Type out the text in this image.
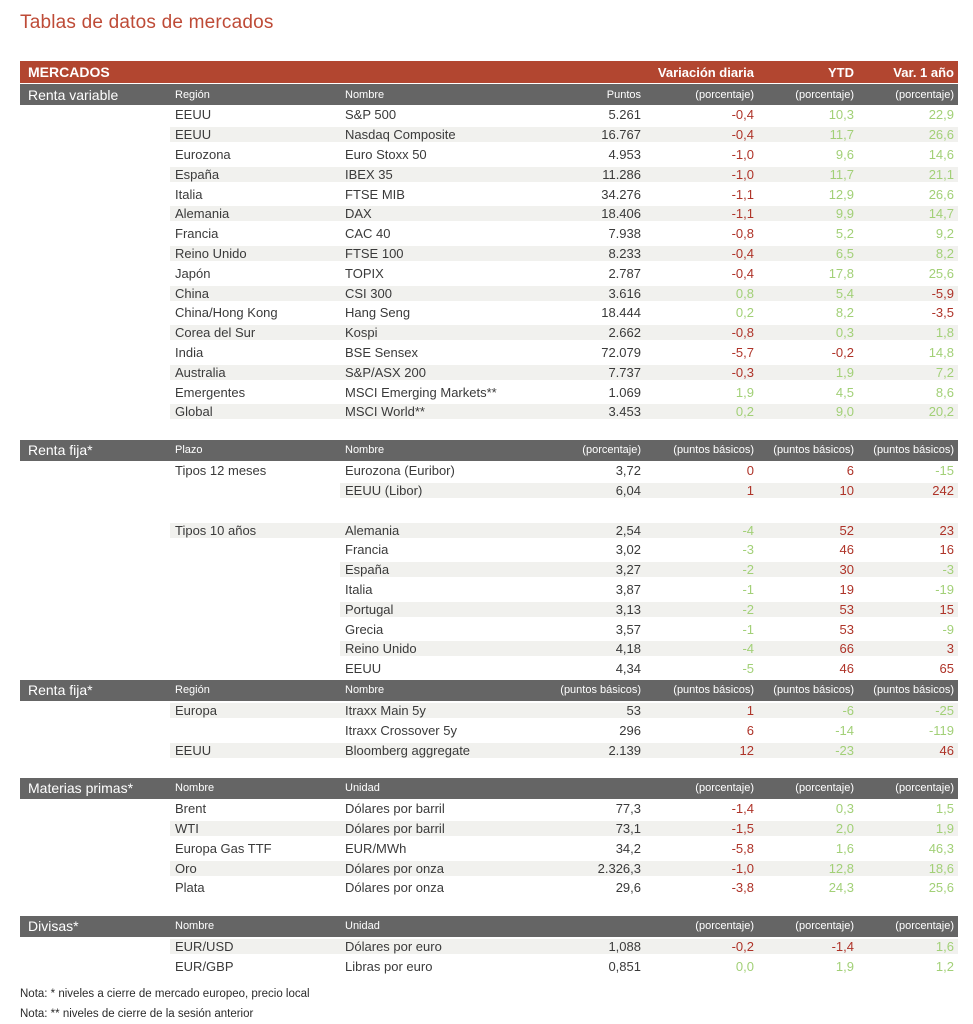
Tablas de datos de mercados
MERCADOS	Variación diaria	YTD	Var. 1 año
Renta variable	Región	Nombre	Puntos	(porcentaje)	(porcentaje)	(porcentaje)
EEUU	S&P 500	5.261	-0,4	10,3	22,9
EEUU	Nasdaq Composite	16.767	-0,4	11,7	26,6
Eurozona	Euro Stoxx 50	4.953	-1,0	9,6	14,6
España	IBEX 35	11.286	-1,0	11,7	21,1
Italia	FTSE MIB	34.276	-1,1	12,9	26,6
Alemania	DAX	18.406	-1,1	9,9	14,7
Francia	CAC 40	7.938	-0,8	5,2	9,2
Reino Unido	FTSE 100	8.233	-0,4	6,5	8,2
Japón	TOPIX	2.787	-0,4	17,8	25,6
China	CSI 300	3.616	0,8	5,4	-5,9
China/Hong Kong	Hang Seng	18.444	0,2	8,2	-3,5
Corea del Sur	Kospi	2.662	-0,8	0,3	1,8
India	BSE Sensex	72.079	-5,7	-0,2	14,8
Australia	S&P/ASX 200	7.737	-0,3	1,9	7,2
Emergentes	MSCI Emerging Markets**	1.069	1,9	4,5	8,6
Global	MSCI World**	3.453	0,2	9,0	20,2
Renta fija*	Plazo	Nombre	(porcentaje)	(puntos básicos)	(puntos básicos)	(puntos básicos)
Tipos 12 meses	Eurozona (Euribor)	3,72	0	6	-15
EEUU (Libor)	6,04	1	10	242
Tipos 10 años	Alemania	2,54	-4	52	23
Francia	3,02	-3	46	16
España	3,27	-2	30	-3
Italia	3,87	-1	19	-19
Portugal	3,13	-2	53	15
Grecia	3,57	-1	53	-9
Reino Unido	4,18	-4	66	3
EEUU	4,34	-5	46	65
Renta fija*	Región	Nombre	(puntos básicos)	(puntos básicos)	(puntos básicos)	(puntos básicos)
Europa	Itraxx Main 5y	53	1	-6	-25
Itraxx Crossover 5y	296	6	-14	-119
EEUU	Bloomberg aggregate	2.139	12	-23	46
Materias primas*	Nombre	Unidad	(porcentaje)	(porcentaje)	(porcentaje)
Brent	Dólares por barril	77,3	-1,4	0,3	1,5
WTI	Dólares por barril	73,1	-1,5	2,0	1,9
Europa Gas TTF	EUR/MWh	34,2	-5,8	1,6	46,3
Oro	Dólares por onza	2.326,3	-1,0	12,8	18,6
Plata	Dólares por onza	29,6	-3,8	24,3	25,6
Divisas*	Nombre	Unidad	(porcentaje)	(porcentaje)	(porcentaje)
EUR/USD	Dólares por euro	1,088	-0,2	-1,4	1,6
EUR/GBP	Libras por euro	0,851	0,0	1,9	1,2
Nota: * niveles a cierre de mercado europeo, precio local
Nota: ** niveles de cierre de la sesión anterior
